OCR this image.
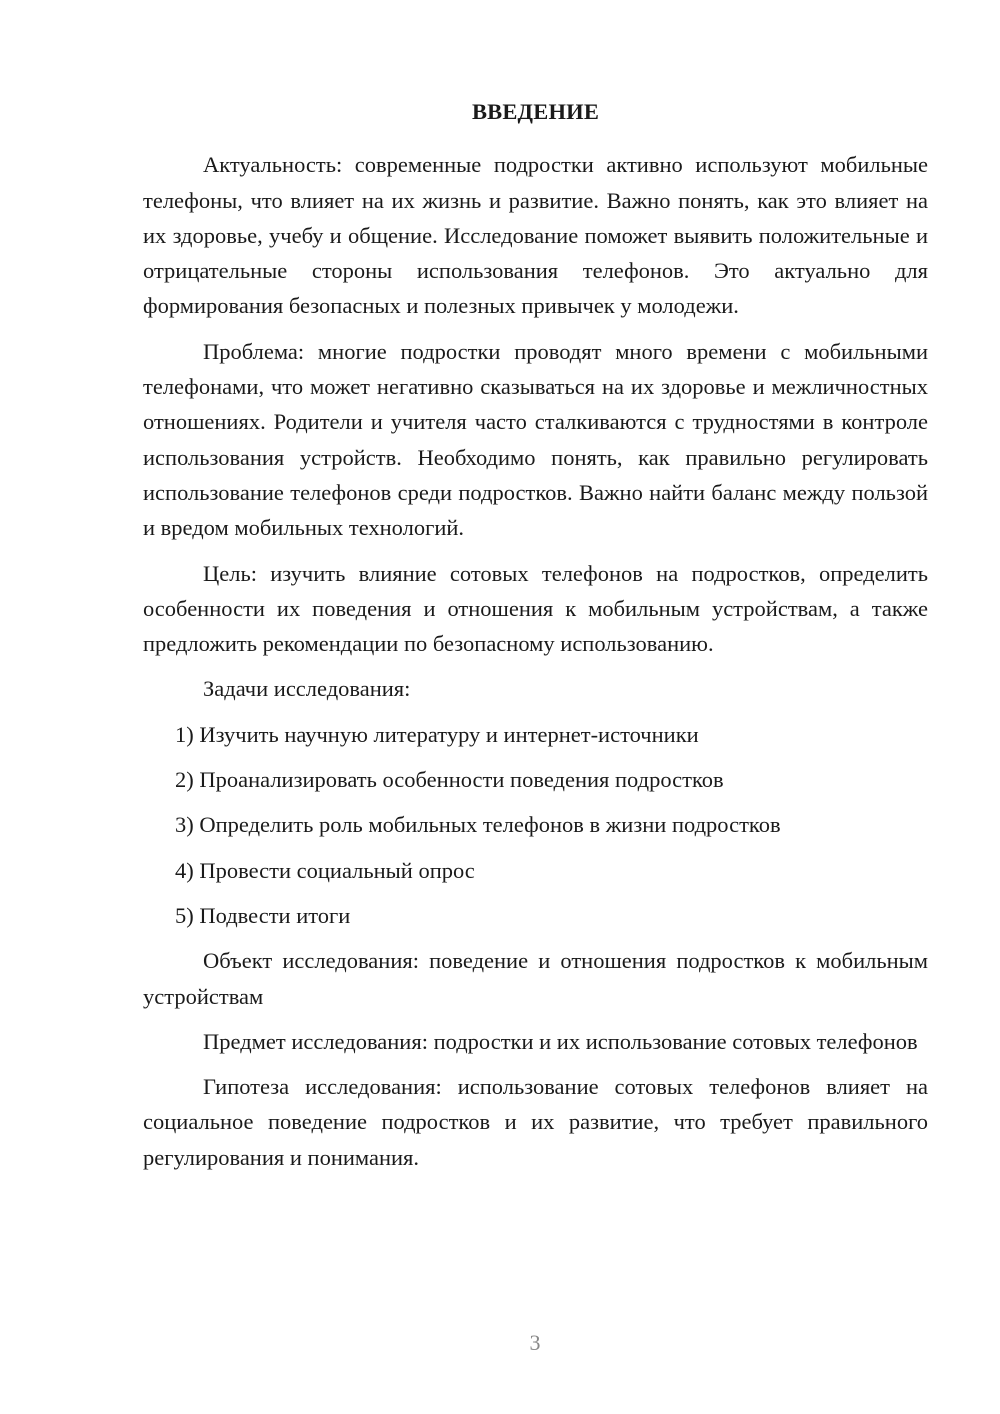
ВВЕДЕНИЕ

Актуальность: современные подростки активно используют мобильные телефоны, что влияет на их жизнь и развитие. Важно понять, как это влияет на их здоровье, учебу и общение. Исследование поможет выявить положительные и отрицательные стороны использования телефонов. Это актуально для формирования безопасных и полезных привычек у молодежи.

Проблема: многие подростки проводят много времени с мобильными телефонами, что может негативно сказываться на их здоровье и межличностных отношениях. Родители и учителя часто сталкиваются с трудностями в контроле использования устройств. Необходимо понять, как правильно регулировать использование телефонов среди подростков. Важно найти баланс между пользой и вредом мобильных технологий.

Цель: изучить влияние сотовых телефонов на подростков, определить особенности их поведения и отношения к мобильным устройствам, а также предложить рекомендации по безопасному использованию.

Задачи исследования:

1) Изучить научную литературу и интернет-источники
2) Проанализировать особенности поведения подростков
3) Определить роль мобильных телефонов в жизни подростков
4) Провести социальный опрос
5) Подвести итоги

Объект исследования: поведение и отношения подростков к мобильным устройствам

Предмет исследования: подростки и их использование сотовых телефонов

Гипотеза исследования: использование сотовых телефонов влияет на социальное поведение подростков и их развитие, что требует правильного регулирования и понимания.

3
